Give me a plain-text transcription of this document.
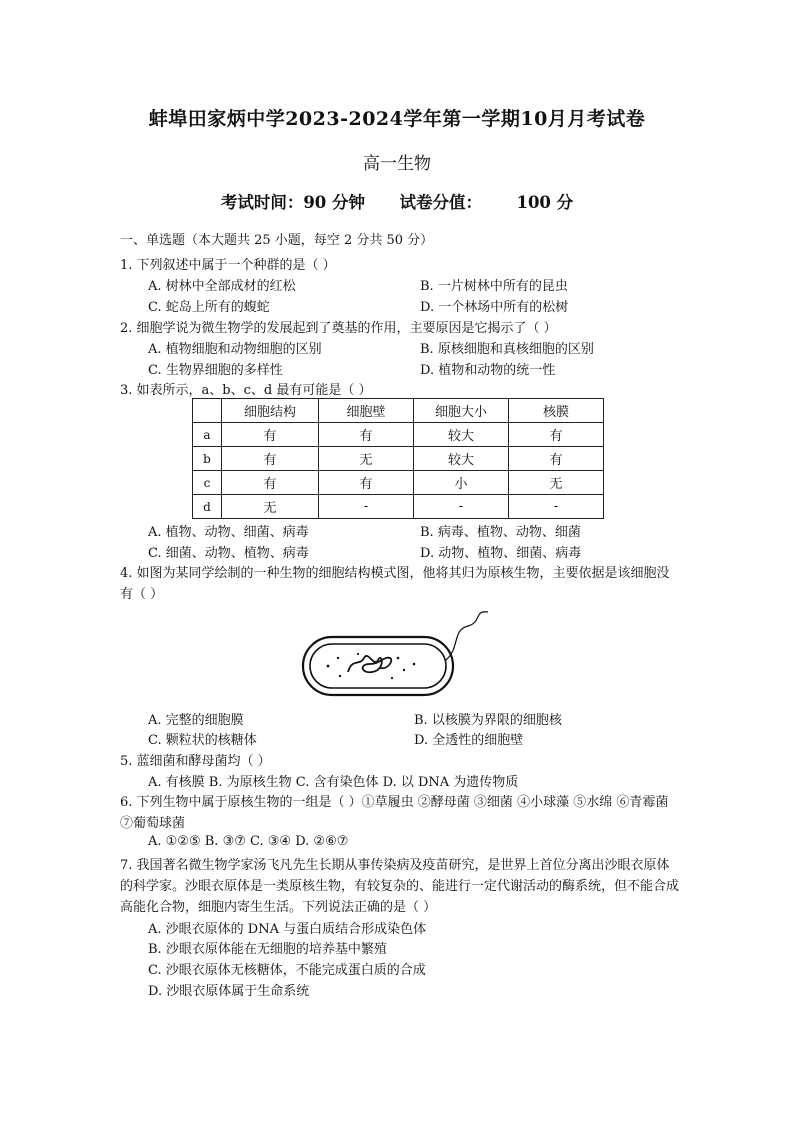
蚌埠田家炳中学2023-2024学年第一学期10月月考试卷
高一生物
考试时间：90 分钟      试卷分值：      100 分
一、单选题（本大题共 25 小题，每空 2 分共 50 分）
1. 下列叙述中属于一个种群的是（ ）
A. 树林中全部成材的红松	B. 一片树林中所有的昆虫
C. 蛇岛上所有的蝮蛇	D. 一个林场中所有的松树
2. 细胞学说为微生物学的发展起到了奠基的作用，主要原因是它揭示了（ ）
A. 植物细胞和动物细胞的区别	B. 原核细胞和真核细胞的区别
C. 生物界细胞的多样性	D. 植物和动物的统一性
3. 如表所示，a、b、c、d 最有可能是（ ）
	细胞结构	细胞壁	细胞大小	核膜
a	有	有	较大	有
b	有	无	较大	有
c	有	有	小	无
d	无	-	-	-
A. 植物、动物、细菌、病毒	B. 病毒、植物、动物、细菌
C. 细菌、动物、植物、病毒	D. 动物、植物、细菌、病毒
4. 如图为某同学绘制的一种生物的细胞结构模式图，他将其归为原核生物，主要依据是该细胞没有（ ）
A. 完整的细胞膜	B. 以核膜为界限的细胞核
C. 颗粒状的核糖体	D. 全透性的细胞壁
5. 蓝细菌和酵母菌均（ ）
A. 有核膜 B. 为原核生物 C. 含有染色体 D. 以 DNA 为遗传物质
6. 下列生物中属于原核生物的一组是（ ）①草履虫 ②酵母菌 ③细菌 ④小球藻 ⑤水绵 ⑥青霉菌 ⑦葡萄球菌
A. ①②⑤ B. ③⑦ C. ③④ D. ②⑥⑦
7. 我国著名微生物学家汤飞凡先生长期从事传染病及疫苗研究，是世界上首位分离出沙眼衣原体的科学家。沙眼衣原体是一类原核生物，有较复杂的、能进行一定代谢活动的酶系统，但不能合成高能化合物，细胞内寄生生活。下列说法正确的是（ ）
A. 沙眼衣原体的 DNA 与蛋白质结合形成染色体
B. 沙眼衣原体能在无细胞的培养基中繁殖
C. 沙眼衣原体无核糖体，不能完成蛋白质的合成
D. 沙眼衣原体属于生命系统
